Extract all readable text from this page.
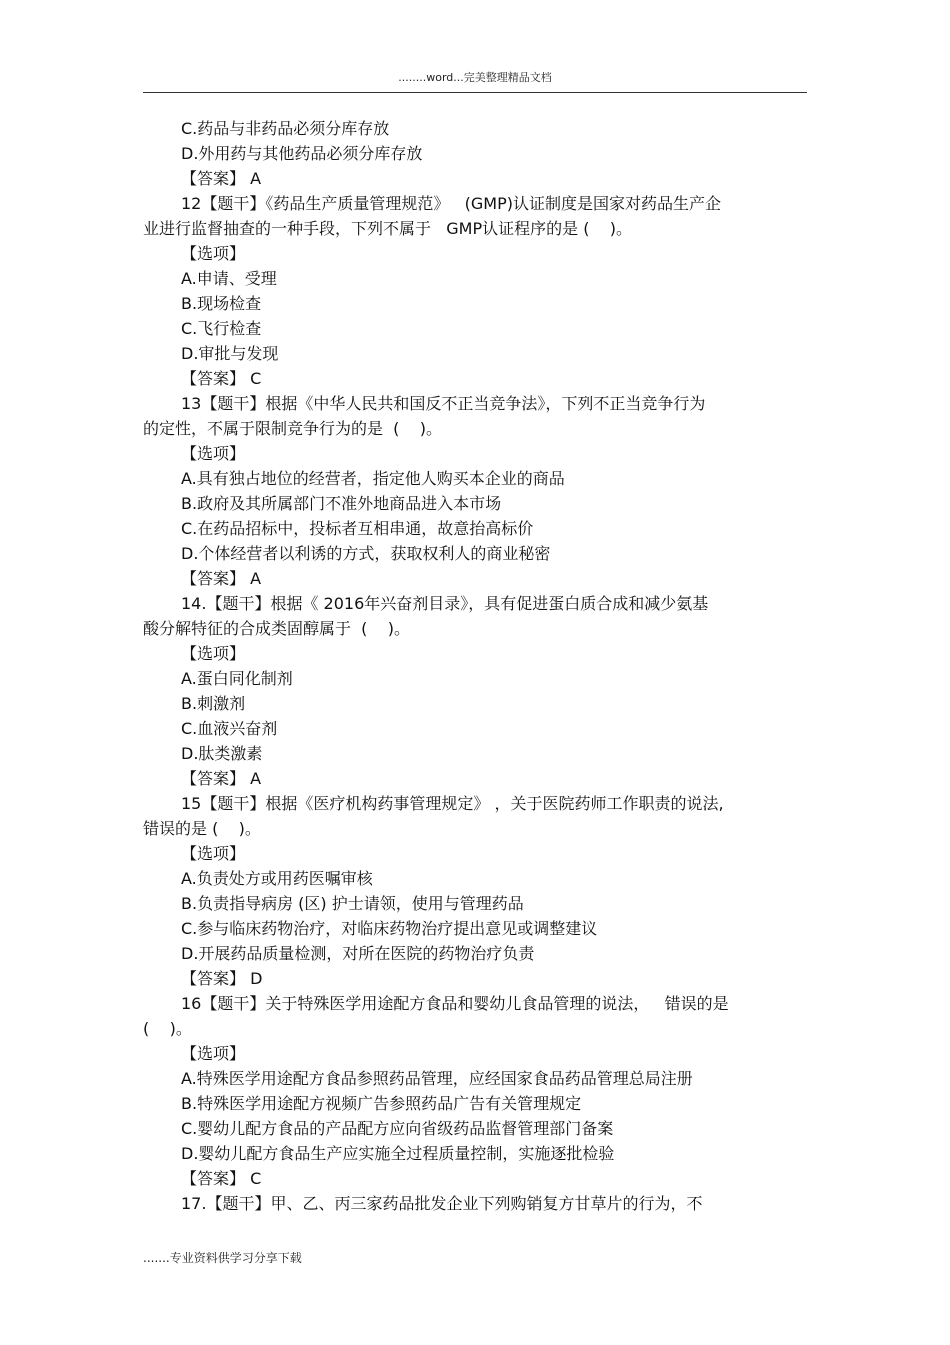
........word...完美整理精品文档
C.药品与非药品必须分库存放
D.外用药与其他药品必须分库存放
【答案】 A
12【题干】《药品生产质量管理规范》   (GMP)认证制度是国家对药品生产企
业进行监督抽查的一种手段，下列不属于   GMP认证程序的是 (    )。
【选项】
A.申请、受理
B.现场检查
C.飞行检查
D.审批与发现
【答案】 C
13【题干】根据《中华人民共和国反不正当竞争法》，下列不正当竞争行为
的定性，不属于限制竞争行为的是  (    )。
【选项】
A.具有独占地位的经营者，指定他人购买本企业的商品
B.政府及其所属部门不准外地商品进入本市场
C.在药品招标中，投标者互相串通，故意抬高标价
D.个体经营者以利诱的方式，获取权利人的商业秘密
【答案】 A
14.【题干】根据《 2016年兴奋剂目录》，具有促进蛋白质合成和减少氨基
酸分解特征的合成类固醇属于  (    )。
【选项】
A.蛋白同化制剂
B.刺激剂
C.血液兴奋剂
D.肽类激素
【答案】 A
15【题干】根据《医疗机构药事管理规定》 ，关于医院药师工作职责的说法,
错误的是 (    )。
【选项】
A.负责处方或用药医嘱审核
B.负责指导病房 (区) 护士请领，使用与管理药品
C.参与临床药物治疗，对临床药物治疗提出意见或调整建议
D.开展药品质量检测，对所在医院的药物治疗负责
【答案】 D
16【题干】关于特殊医学用途配方食品和婴幼儿食品管理的说法，   错误的是
(    )。
【选项】
A.特殊医学用途配方食品参照药品管理，应经国家食品药品管理总局注册
B.特殊医学用途配方视频广告参照药品广告有关管理规定
C.婴幼儿配方食品的产品配方应向省级药品监督管理部门备案
D.婴幼儿配方食品生产应实施全过程质量控制，实施逐批检验
【答案】 C
17.【题干】甲、乙、丙三家药品批发企业下列购销复方甘草片的行为，不
.......专业资料供学习分享下载
